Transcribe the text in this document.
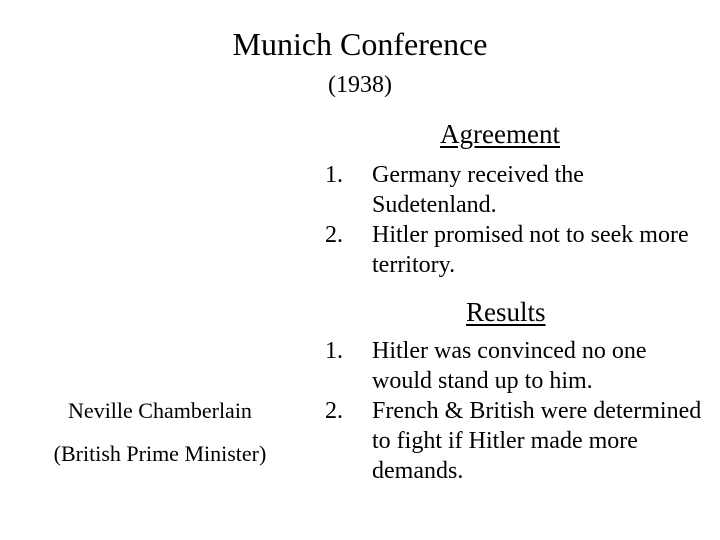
Munich Conference
(1938)
Agreement
1. Germany received the Sudetenland.
2. Hitler promised not to seek more territory.
Results
1. Hitler was convinced no one would stand up to him.
2. French & British were determined to fight if Hitler made more demands.
Neville Chamberlain
(British Prime Minister)
